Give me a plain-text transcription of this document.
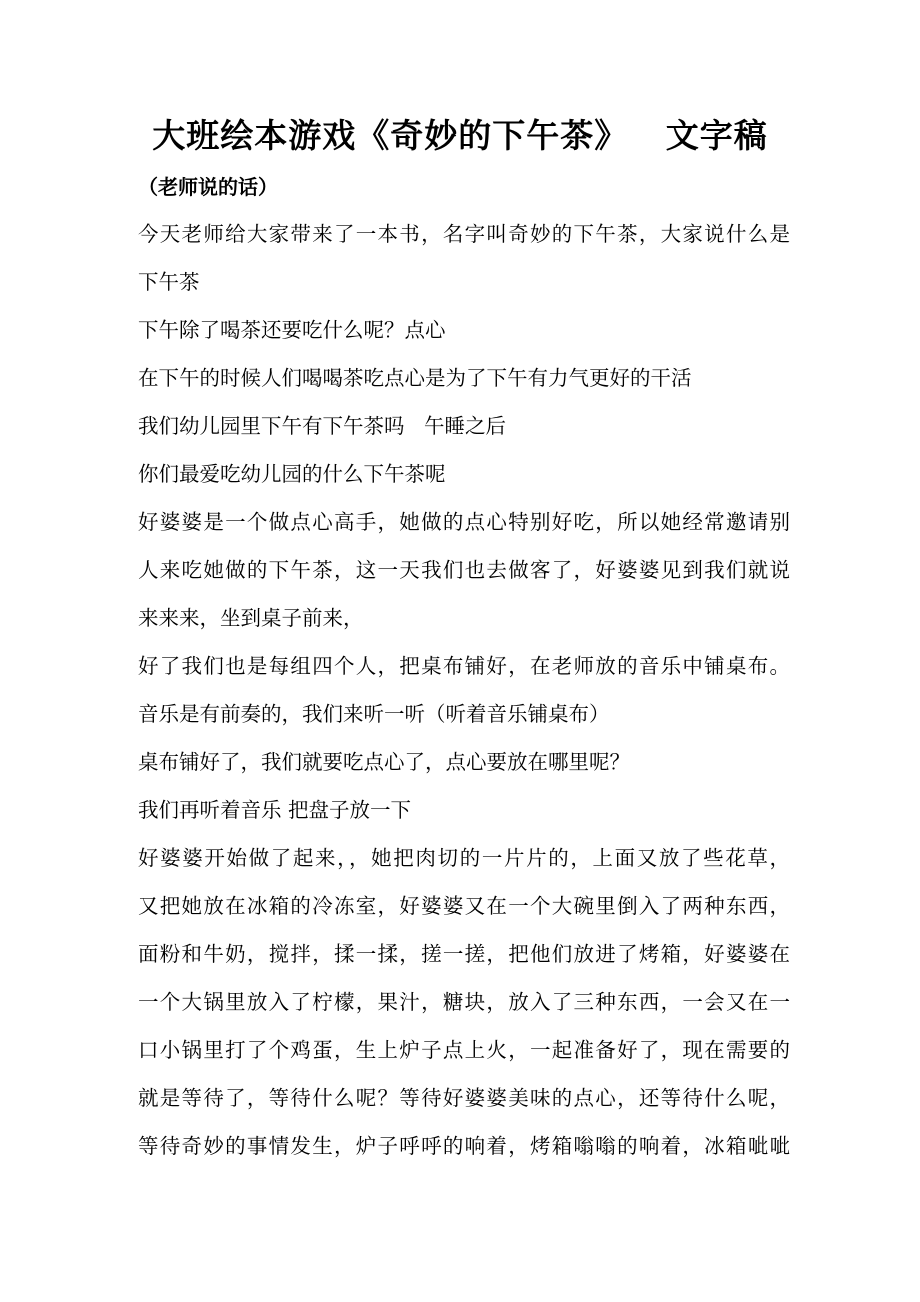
大班绘本游戏《奇妙的下午茶》   文字稿
（老师说的话）
今天老师给大家带来了一本书，名字叫奇妙的下午茶，大家说什么是
下午茶
下午除了喝茶还要吃什么呢？点心
在下午的时候人们喝喝茶吃点心是为了下午有力气更好的干活
我们幼儿园里下午有下午茶吗   午睡之后
你们最爱吃幼儿园的什么下午茶呢
好婆婆是一个做点心高手，她做的点心特别好吃，所以她经常邀请别
人来吃她做的下午茶，这一天我们也去做客了，好婆婆见到我们就说
来来来，坐到桌子前来，
好了我们也是每组四个人，把桌布铺好，在老师放的音乐中铺桌布。
音乐是有前奏的，我们来听一听（听着音乐铺桌布）
桌布铺好了，我们就要吃点心了，点心要放在哪里呢？
我们再听着音乐 把盘子放一下
好婆婆开始做了起来，，她把肉切的一片片的，上面又放了些花草，
又把她放在冰箱的冷冻室，好婆婆又在一个大碗里倒入了两种东西，
面粉和牛奶，搅拌，揉一揉，搓一搓，把他们放进了烤箱，好婆婆在
一个大锅里放入了柠檬，果汁，糖块，放入了三种东西，一会又在一
口小锅里打了个鸡蛋，生上炉子点上火，一起准备好了，现在需要的
就是等待了，等待什么呢？等待好婆婆美味的点心，还等待什么呢，
等待奇妙的事情发生，炉子呼呼的响着，烤箱嗡嗡的响着，冰箱呲呲
